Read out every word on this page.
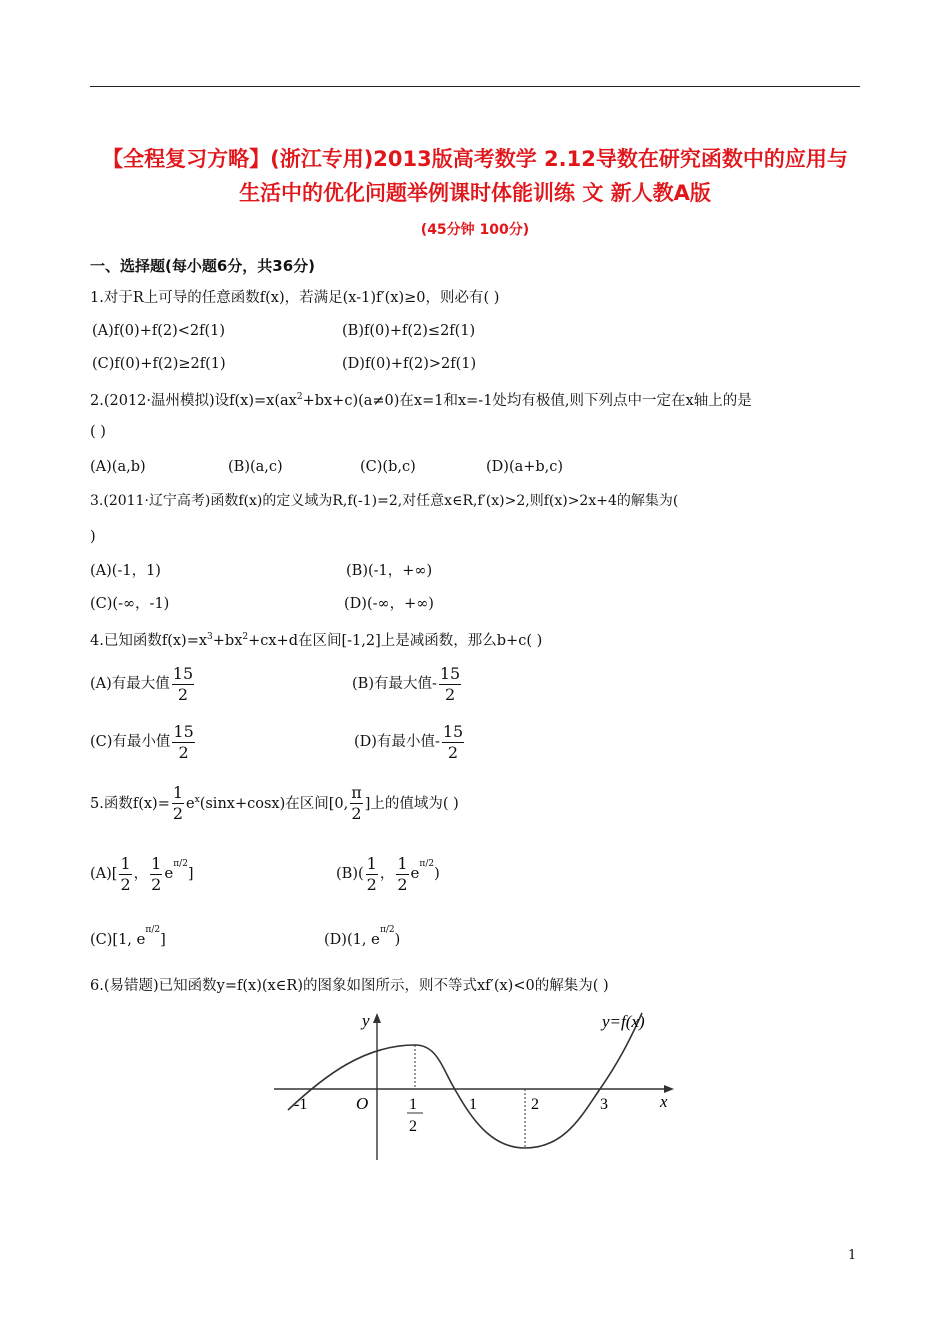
【全程复习方略】(浙江专用)2013版高考数学 2.12导数在研究函数中的应用与
生活中的优化问题举例课时体能训练 文 新人教A版
(45分钟 100分)
一、选择题(每小题6分，共36分)
1.对于R上可导的任意函数f(x)，若满足(x-1)f′(x)≥0，则必有( )
(A)f(0)+f(2)<2f(1)	(B)f(0)+f(2)≤2f(1)
(C)f(0)+f(2)≥2f(1)	(D)f(0)+f(2)>2f(1)
2.(2012·温州模拟)设$f(x)=x(ax^2+bx+c)(a\ne 0)$在x=1和x=-1处均有极值,则下列点中一定在x轴上的是
( )
(A)(a,b)	(B)(a,c)	(C)(b,c)	(D)(a+b,c)
3.(2011·辽宁高考)函数f(x)的定义域为R,f(-1)=2,对任意x∈R,f′(x)>2,则f(x)>2x+4的解集为(
)
(A)(-1，1)	(B)(-1，+∞)
(C)(-∞，-1)	(D)(-∞，+∞)
4.已知函数$f(x)=x^3+bx^2+cx+d$在区间[-1,2]上是减函数，那么b+c( )
(A)有最大值 $\frac{15}{2}$	(B)有最大值- $\frac{15}{2}$
(C)有最小值 $\frac{15}{2}$	(D)有最小值- $\frac{15}{2}$
5.函数$f(x)= \frac{1}{2} e^x(\sin x+\cos x)$在区间[0, $\frac{\pi}{2}$ ]上的值域为( )
$(A)[ \frac{1}{2}$ ， $\frac{1}{2} e^{\pi/2}$]	$(B)( \frac{1}{2}$ ， $\frac{1}{2} e^{\pi/2}$)
(C)[1, $e^{\pi/2}$]	(D)(1, $e^{\pi/2}$)
6.(易错题)已知函数y=f(x)(x∈R)的图象如图所示，则不等式xf′(x)<0的解集为( )
y
x
O
y=f(x)
-1	1
2
1	2	3
1
